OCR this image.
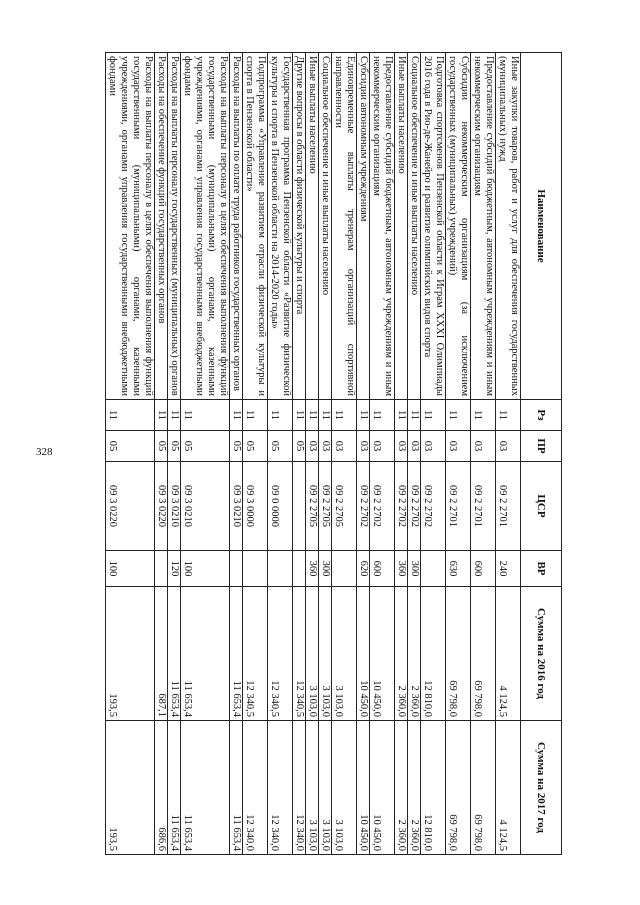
328
Наименование	Рз	ПР	ЦСР	ВР	Сумма на 2016 год	Сумма на 2017 год
Иные закупки товаров, работ и услуг для обеспечения государственных (муниципальных) нужд	11	03	09 2 2701	240	4 124,5	4 124,5
Предоставление субсидий бюджетным, автономным учреждениям и иным некоммерческим организациям	11	03	09 2 2701	600	69 798,0	69 798,0
Субсидии некоммерческим организациям (за исключением государственных (муниципальных) учреждений)	11	03	09 2 2701	630	69 798,0	69 798,0
Подготовка спортсменов Пензенской области к Играм XXXI Олимпиады 2016 года в Рио-де-Жанейро и развитие олимпийских видов спорта	11	03	09 2 2702		12 810,0	12 810,0
Социальное обеспечение и иные выплаты населению	11	03	09 2 2702	300	2 360,0	2 360,0
Иные выплаты населению	11	03	09 2 2702	360	2 360,0	2 360,0
Предоставление субсидий бюджетным, автономным учреждениям и иным некоммерческим организациям	11	03	09 2 2702	600	10 450,0	10 450,0
Субсидии автономным учреждениям	11	03	09 2 2702	620	10 450,0	10 450,0
Единовременные выплаты тренерам организаций спортивной направленности	11	03	09 2 2705		3 103,0	3 103,0
Социальное обеспечение и иные выплаты населению	11	03	09 2 2705	300	3 103,0	3 103,0
Иные выплаты населению	11	03	09 2 2705	360	3 103,0	3 103,0
Другие вопросы в области физической культуры и спорта	11	05			12 340,5	12 340,0
Государственная программа Пензенской области «Развитие физической культуры и спорта в Пензенской области на 2014-2020 годы»	11	05	09 0 0000		12 340,5	12 340,0
Подпрограмма «Управление развитием отрасли физической культуры и спорта в Пензенской области»	11	05	09 3 0000		12 340,5	12 340,0
Расходы на выплаты по оплате труда работников государственных органов	11	05	09 3 0210		11 653,4	11 653,4
Расходы на выплаты персоналу в целях обеспечения выполнения функций государственными (муниципальными) органами, казенными учреждениями, органами управления государственными внебюджетными фондами	11	05	09 3 0210	100	11 653,4	11 653,4
Расходы на выплаты персоналу государственных (муниципальных) органов	11	05	09 3 0210	120	11 653,4	11 653,4
Расходы на обеспечение функций государственных органов	11	05	09 3 0220		687,1	686,6
Расходы на выплаты персоналу в целях обеспечения выполнения функций государственными (муниципальными) органами, казенными учреждениями, органами управления государственными внебюджетными фондами	11	05	09 3 0220	100	193,5	193,5
